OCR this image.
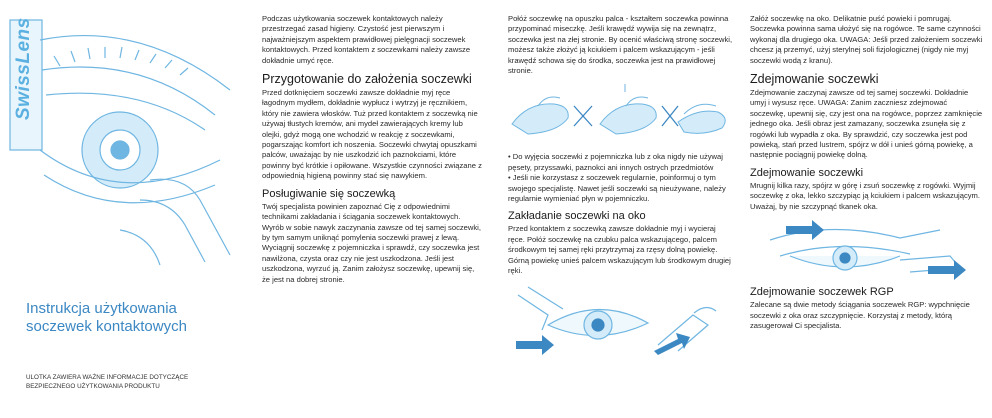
SwissLens
Instrukcja użytkowania soczewek kontaktowych

ULOTKA ZAWIERA WAŻNE INFORMACJE DOTYCZĄCE BEZPIECZNEGO UŻYTKOWANIA PRODUKTU

Podczas użytkowania soczewek kontaktowych należy przestrzegać zasad higieny. Czystość jest pierwszym i najważniejszym aspektem prawidłowej pielęgnacji soczewek kontaktowych. Przed kontaktem z soczewkami należy zawsze dokładnie umyć ręce.

Przygotowanie do założenia soczewki

Przed dotknięciem soczewki zawsze dokładnie myj ręce łagodnym mydłem, dokładnie wypłucz i wytrzyj je ręcznikiem, który nie zawiera włosków. Tuż przed kontaktem z soczewką nie używaj tłustych kremów, ani mydeł zawierających kremy lub olejki, gdyż mogą one wchodzić w reakcję z soczewkami, pogarszając komfort ich noszenia. Soczewki chwytaj opuszkami palców, uważając by nie uszkodzić ich paznokciami, które powinny być krótkie i opiłowane. Wszystkie czynności związane z odpowiednią higieną powinny stać się nawykiem.

Posługiwanie się soczewką

Twój specjalista powinien zapoznać Cię z odpowiednimi technikami zakładania i ściągania soczewek kontaktowych. Wyrób w sobie nawyk zaczynania zawsze od tej samej soczewki, by tym samym uniknąć pomylenia soczewki prawej z lewą. Wyciągnij soczewkę z pojemniczka i sprawdź, czy soczewka jest nawilżona, czysta oraz czy nie jest uszkodzona. Jeśli jest uszkodzona, wyrzuć ją. Zanim założysz soczewkę, upewnij się, że jest na dobrej stronie.

Połóż soczewkę na opuszku palca - kształtem soczewka powinna przypominać miseczkę. Jeśli krawędź wywija się na zewnątrz, soczewka jest na złej stronie. By ocenić właściwą stronę soczewki, możesz także złożyć ją kciukiem i palcem wskazującym - jeśli krawędź schowa się do środka, soczewka jest na prawidłowej stronie.

• Do wyjęcia soczewki z pojemniczka lub z oka nigdy nie używaj pęsety, przyssawki, paznokci ani innych ostrych przedmiotów

• Jeśli nie korzystasz z soczewek regularnie, poinformuj o tym swojego specjalistę. Nawet jeśli soczewki są nieużywane, należy regularnie wymieniać płyn w pojemniczku.

Zakładanie soczewki na oko

Przed kontaktem z soczewką zawsze dokładnie myj i wycieraj ręce. Połóż soczewkę na czubku palca wskazującego, palcem środkowym tej samej ręki przytrzymaj za rzęsy dolną powiekę. Górną powiekę unieś palcem wskazującym lub środkowym drugiej ręki.

Załóż soczewkę na oko. Delikatnie puść powieki i pomrugaj. Soczewka powinna sama ułożyć się na rogówce. Te same czynności wykonaj dla drugiego oka. UWAGA: Jeśli przed założeniem soczewki chcesz ją przemyć, użyj sterylnej soli fizjologicznej (nigdy nie myj soczewki wodą z kranu).

Zdejmowanie soczewki

Zdejmowanie zaczynaj zawsze od tej samej soczewki. Dokładnie umyj i wysusz ręce. UWAGA: Zanim zaczniesz zdejmować soczewkę, upewnij się, czy jest ona na rogówce, poprzez zamknięcie jednego oka. Jeśli obraz jest zamazany, soczewka zsunęła się z rogówki lub wypadła z oka. By sprawdzić, czy soczewka jest pod powieką, stań przed lustrem, spójrz w dół i unieś górną powiekę, a następnie pociągnij powiekę dolną.

Zdejmowanie soczewki

Mrugnij kilka razy, spójrz w górę i zsuń soczewkę z rogówki. Wyjmij soczewkę z oka, lekko szczypiąc ją kciukiem i palcem wskazującym. Uważaj, by nie szczypnąć tkanek oka.

Zdejmowanie soczewek RGP

Zalecane są dwie metody ściągania soczewek RGP: wypchnięcie soczewki z oka oraz szczypnięcie. Korzystaj z metody, którą zasugerował Ci specjalista.
